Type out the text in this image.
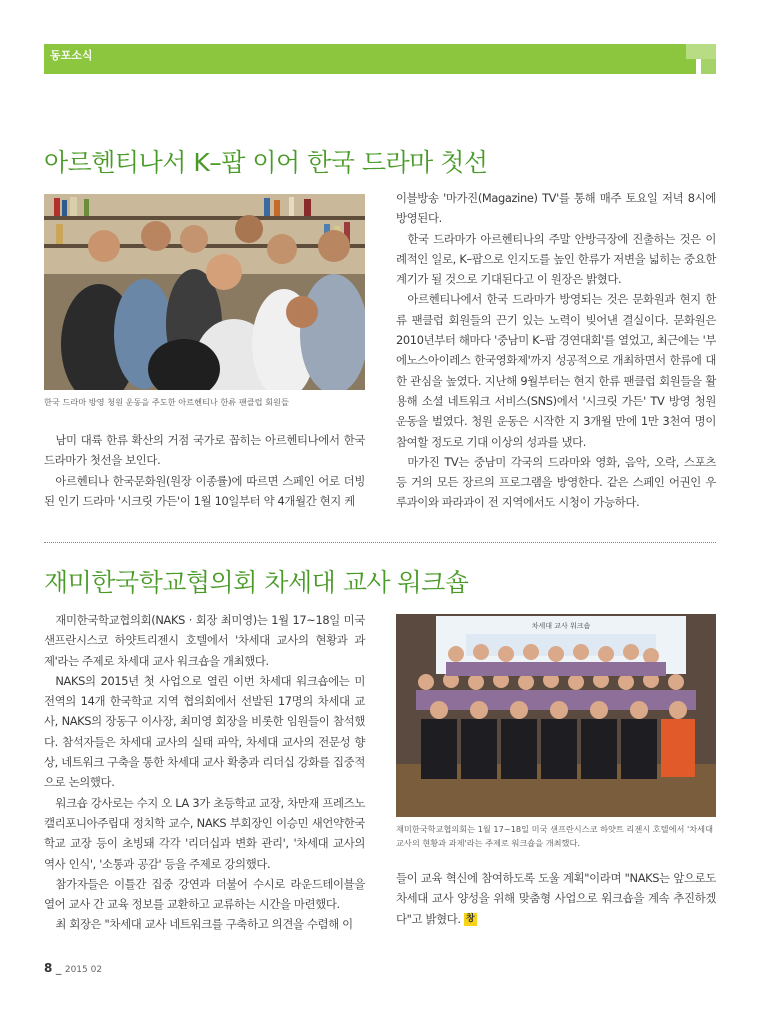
동포소식
아르헨티나서 K–팝 이어 한국 드라마 첫선
한국 드라마 방영 청원 운동을 주도한 아르헨티나 한류 팬클럽 회원들

남미 대륙 한류 확산의 거점 국가로 꼽히는 아르헨티나에서 한국 드라마가 첫선을 보인다.

아르헨티나 한국문화원(원장 이종률)에 따르면 스페인 어로 더빙된 인기 드라마 '시크릿 가든'이 1월 10일부터 약 4개월간 현지 케

이블방송 '마가진(Magazine) TV'를 통해 매주 토요일 저녁 8시에 방영된다.

한국 드라마가 아르헨티나의 주말 안방극장에 진출하는 것은 이례적인 일로, K–팝으로 인지도를 높인 한류가 저변을 넓히는 중요한 계기가 될 것으로 기대된다고 이 원장은 밝혔다.

아르헨티나에서 한국 드라마가 방영되는 것은 문화원과 현지 한류 팬클럽 회원들의 끈기 있는 노력이 빚어낸 결실이다. 문화원은 2010년부터 해마다 '중남미 K–팝 경연대회'를 열었고, 최근에는 '부에노스아이레스 한국영화제'까지 성공적으로 개최하면서 한류에 대한 관심을 높였다. 지난해 9월부터는 현지 한류 팬클럽 회원들을 활용해 소셜 네트워크 서비스(SNS)에서 '시크릿 가든' TV 방영 청원 운동을 벌였다. 청원 운동은 시작한 지 3개월 만에 1만 3천여 명이 참여할 정도로 기대 이상의 성과를 냈다.

마가진 TV는 중남미 각국의 드라마와 영화, 음악, 오락, 스포츠 등 거의 모든 장르의 프로그램을 방영한다. 같은 스페인 어권인 우루과이와 파라과이 전 지역에서도 시청이 가능하다.

재미한국학교협의회 차세대 교사 워크숍

재미한국학교협의회(NAKS · 회장 최미영)는 1월 17~18일 미국 샌프란시스코 하얏트리젠시 호텔에서 '차세대 교사의 현황과 과제'라는 주제로 차세대 교사 워크숍을 개최했다.

NAKS의 2015년 첫 사업으로 열린 이번 차세대 워크숍에는 미 전역의 14개 한국학교 지역 협의회에서 선발된 17명의 차세대 교사, NAKS의 장동구 이사장, 최미영 회장을 비롯한 임원들이 참석했다. 참석자들은 차세대 교사의 실태 파악, 차세대 교사의 전문성 향상, 네트워크 구축을 통한 차세대 교사 확충과 리더십 강화를 집중적으로 논의했다.

워크숍 강사로는 수지 오 LA 3가 초등학교 교장, 차만재 프레즈노 캘리포니아주립대 정치학 교수, NAKS 부회장인 이승민 새언약한국학교 교장 등이 초빙돼 각각 '리더십과 변화 관리', '차세대 교사의 역사 인식', '소통과 공감' 등을 주제로 강의했다.

참가자들은 이틀간 집중 강연과 더불어 수시로 라운드테이블을 열어 교사 간 교육 정보를 교환하고 교류하는 시간을 마련했다.

최 회장은 "차세대 교사 네트워크를 구축하고 의견을 수렴해 이

차세대 교사 워크숍
재미한국학교협의회는 1월 17~18일 미국 샌프란시스코 하얏트 리젠시 호텔에서 '차세대 교사의 현황과 과제'라는 주제로 워크숍을 개최했다.

들이 교육 혁신에 참여하도록 도울 계획"이라며 "NAKS는 앞으로도 차세대 교사 양성을 위해 맞춤형 사업으로 워크숍을 계속 추진하겠다"고 밝혔다. 창

8 _ 2015 02
